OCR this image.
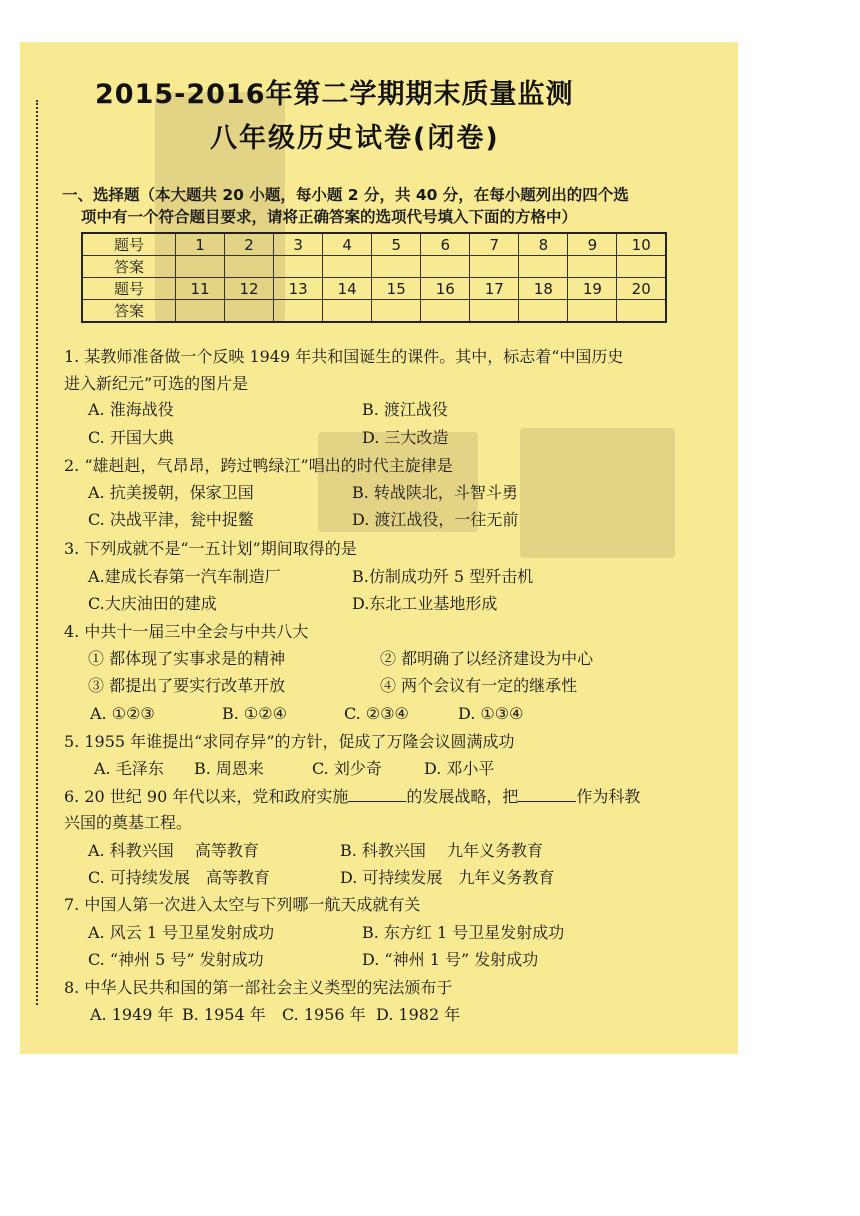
2015-2016年第二学期期末质量监测
八年级历史试卷(闭卷)
一、选择题（本大题共 20 小题，每小题 2 分，共 40 分，在每小题列出的四个选
项中有一个符合题目要求，请将正确答案的选项代号填入下面的方格中）
题号	1	2	3	4	5	6	7	8	9	10
答案										
题号	11	12	13	14	15	16	17	18	19	20
答案										
1. 某教师准备做一个反映 1949 年共和国诞生的课件。其中，标志着“中国历史
进入新纪元”可选的图片是
A. 淮海战役	B. 渡江战役
C. 开国大典	D. 三大改造
2. “雄赳赳，气昂昂，跨过鸭绿江”唱出的时代主旋律是
A. 抗美援朝，保家卫国	B. 转战陕北，斗智斗勇
C. 决战平津，瓮中捉鳖	D. 渡江战役，一往无前
3. 下列成就不是“一五计划”期间取得的是
A.建成长春第一汽车制造厂	B.仿制成功歼 5 型歼击机
C.大庆油田的建成	D.东北工业基地形成
4. 中共十一届三中全会与中共八大
① 都体现了实事求是的精神	② 都明确了以经济建设为中心
③ 都提出了要实行改革开放	④ 两个会议有一定的继承性
A. ①②③	B. ①②④	C. ②③④	D. ①③④
5. 1955 年谁提出“求同存异”的方针，促成了万隆会议圆满成功
A. 毛泽东 B. 周恩来	C. 刘少奇	D. 邓小平
6. 20 世纪 90 年代以来，党和政府实施	的发展战略，把	作为科教
兴国的奠基工程。
A. 科教兴国　 高等教育	B. 科教兴国　 九年义务教育
C. 可持续发展　高等教育	D. 可持续发展　九年义务教育
7. 中国人第一次进入太空与下列哪一航天成就有关
A. 风云 1 号卫星发射成功	B. 东方红 1 号卫星发射成功
C. “神州 5 号” 发射成功	D. “神州 1 号” 发射成功
8. 中华人民共和国的第一部社会主义类型的宪法颁布于
A. 1949 年 B. 1954 年 C. 1956 年 D. 1982 年
